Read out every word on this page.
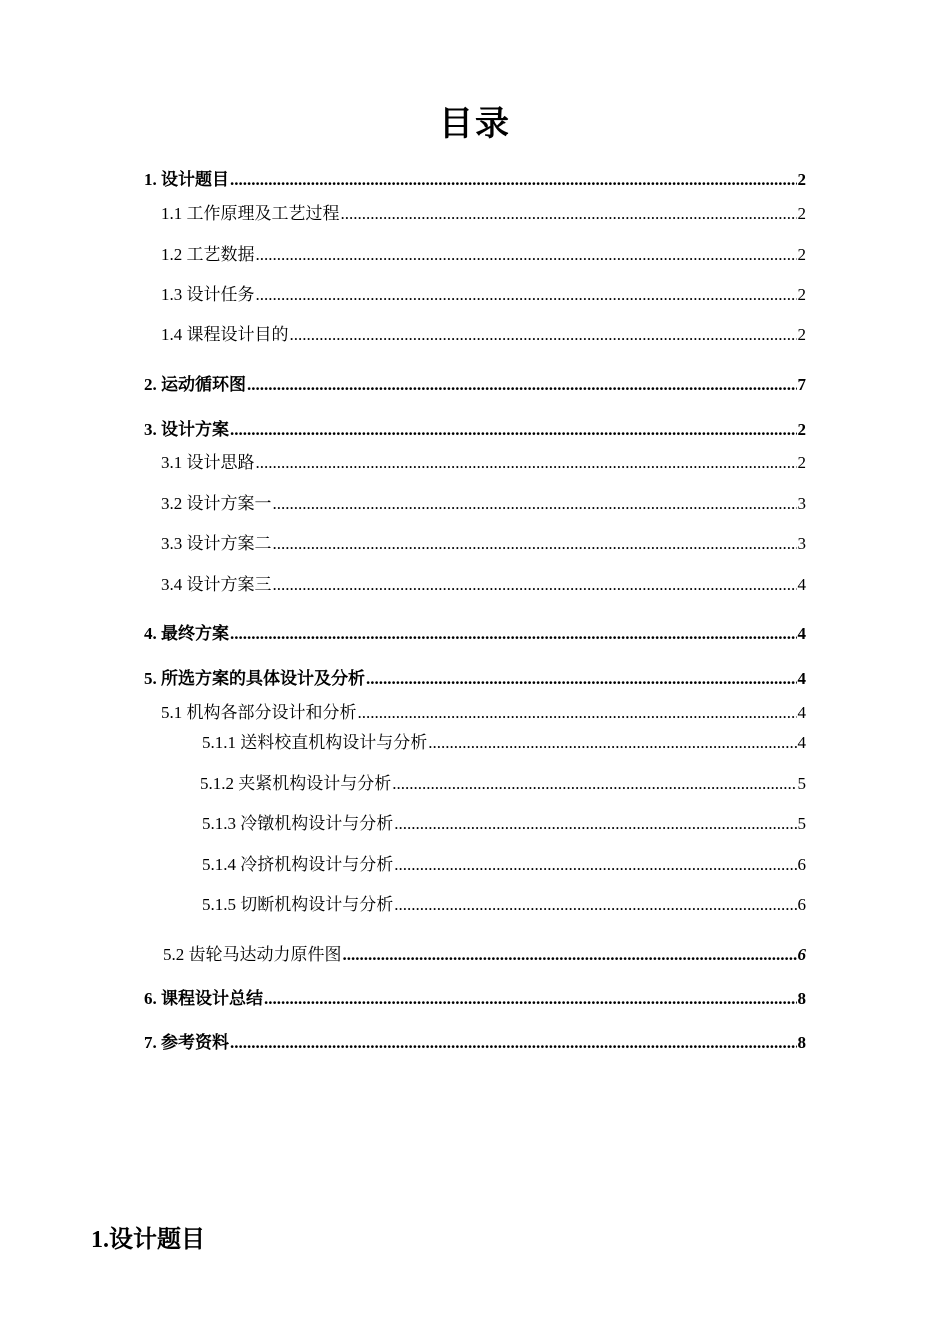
目录
1. 设计题目 .....	2
1.1 工作原理及工艺过程 .....	2
1.2 工艺数据 .....	2
1.3 设计任务 .....	2
1.4 课程设计目的 .....	2
2. 运动循环图 .....	7
3. 设计方案 .....	2
3.1 设计思路 .....	2
3.2 设计方案一 .....	3
3.3 设计方案二 .....	3
3.4 设计方案三 .....	4
4. 最终方案 .....	4
5. 所选方案的具体设计及分析 .....	4
5.1 机构各部分设计和分析 .....	4
5.1.1 送料校直机构设计与分析 .....	4
5.1.2 夹紧机构设计与分析 .....	5
5.1.3 冷镦机构设计与分析 .....	5
5.1.4 冷挤机构设计与分析 .....	6
5.1.5 切断机构设计与分析 .....	6
5.2 齿轮马达动力原件图 .....	6
6. 课程设计总结 .....	8
7. 参考资料 .....	8
1.设计题目
